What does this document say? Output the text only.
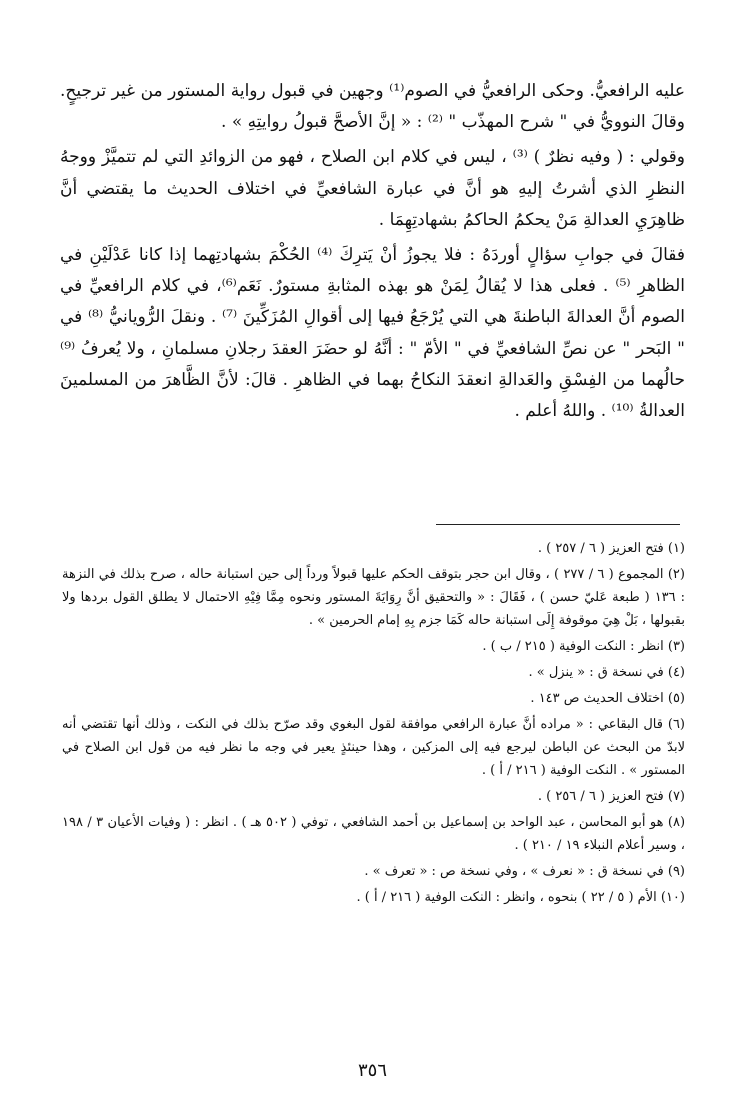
عليه الرافعيُّ. وحكى الرافعيُّ في الصوم⁽¹⁾ وجهين في قبول رواية المستور من غير ترجيحٍ. وقالَ النوويُّ في " شرح المهذّب " ⁽²⁾ : « إنَّ الأصحَّ قبولُ روايتِهِ » .

وقولي : ( وفيه نظرٌ ) ⁽³⁾ ، ليس في كلام ابن الصلاح ، فهو من الزوائدِ التي لم تتميَّزْ ووجهُ النظرِ الذي أشرتُ إليهِ هو أنَّ في عبارة الشافعيِّ في اختلاف الحديث ما يقتضي أنَّ ظاهِرَيِ العدالةِ مَنْ يحكمُ الحاكمُ بشهادتِهِمَا .

فقالَ في جوابِ سؤالٍ أوردَهُ : فلا يجوزُ أنْ يَترِكَ ⁽⁴⁾ الحُكْمَ بشهادتِهما إذا كانا عَدْلَيْنِ في الظاهرِ ⁽⁵⁾ . فعلى هذا لا يُقالُ لِمَنْ هو بهذه المثابةِ مستورٌ. نَعَم⁽⁶⁾، في كلام الرافعيِّ في الصوم أنَّ العدالةَ الباطنةَ هي التي يُرْجَعُ فيها إلى أقوالِ المُزَكِّينَ ⁽⁷⁾ . ونقلَ الرُّويانيُّ ⁽⁸⁾ في " البَحر " عن نصِّ الشافعيِّ في " الأمّ " : أنَّهُ لو حضَرَ العقدَ رجلانِ مسلمانِ ، ولا يُعرفُ ⁽⁹⁾ حالُهما من الفِسْقِ والعَدالةِ انعقدَ النكاحُ بهما في الظاهرِ . قالَ: لأنَّ الظَّاهرَ من المسلمينَ العدالةُ ⁽¹⁰⁾ . واللهُ أعلم .

(١) فتح العزيز ( ٦ / ٢٥٧ ) .
(٢) المجموع ( ٦ / ٢٧٧ ) ، وقال ابن حجر بتوقف الحكم عليها قبولاً ورداً إلى حين استبانة حاله ، صرح بذلك في النزهة : ١٣٦ ( طبعة عَليّ حسن ) ، فَقَالَ : « والتحقيق أنَّ رِوَايَةَ المستور ونحوه مِمَّا فِيْهِ الاحتمال لا يطلق القول بردها ولا بقبولها ، بَلْ هِيَ موقوفة إِلَى استبانة حاله كَمَا جزم بِهِ إمام الحرمين » .
(٣) انظر : النكت الوفية ( ٢١٥ / ب ) .
(٤) في نسخة ق : « ينزل » .
(٥) اختلاف الحديث ص ١٤٣ .
(٦) قال البقاعي : « مراده أنَّ عبارة الرافعي موافقة لقول البغوي وقد صرّح بذلك في النكت ، وذلك أنها تقتضي أنه لابدّ من البحث عن الباطن ليرجع فيه إلى المزكين ، وهذا حينئذٍ يعير في وجه ما نظر فيه من قول ابن الصلاح في المستور » . النكت الوفية ( ٢١٦ / أ ) .
(٧) فتح العزيز ( ٦ / ٢٥٦ ) .
(٨) هو أبو المحاسن ، عبد الواحد بن إسماعيل بن أحمد الشافعي ، توفي ( ٥٠٢ هـ ) . انظر : ( وفيات الأعيان ٣ / ١٩٨ ، وسير أعلام النبلاء ١٩ / ٢١٠ ) .
(٩) في نسخة ق : « نعرف » ، وفي نسخة ص : « تعرف » .
(١٠) الأم ( ٥ / ٢٢ ) بنحوه ، وانظر : النكت الوفية ( ٢١٦ / أ ) .
٣٥٦
